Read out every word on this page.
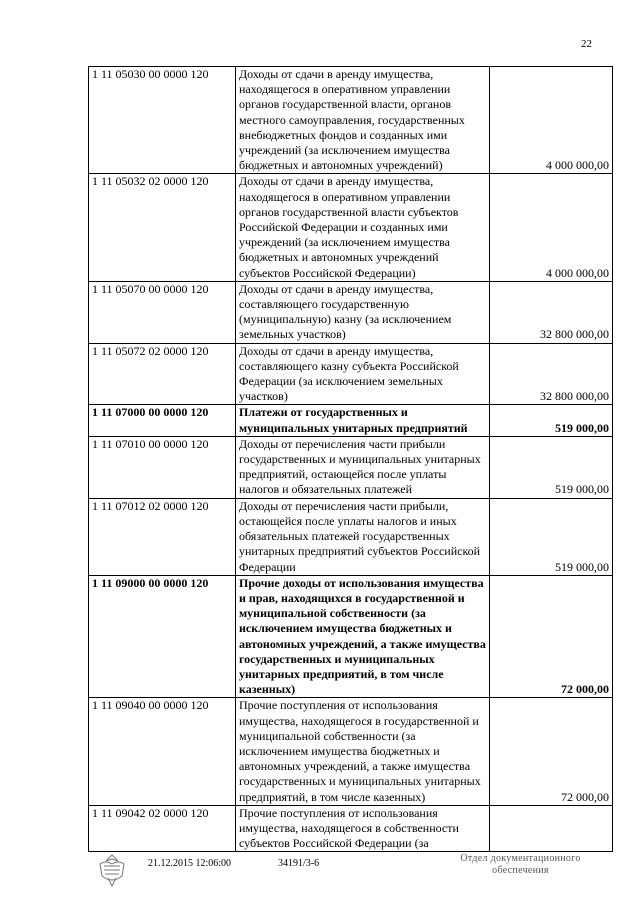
22
1 11 05030 00 0000 120	Доходы от сдачи в аренду имущества, находящегося в оперативном управлении органов государственной власти, органов местного самоуправления, государственных внебюджетных фондов и созданных ими учреждений (за исключением имущества бюджетных и автономных учреждений)	4 000 000,00
1 11 05032 02 0000 120	Доходы от сдачи в аренду имущества, находящегося в оперативном управлении органов государственной власти субъектов Российской Федерации и созданных ими учреждений (за исключением имущества бюджетных и автономных учреждений субъектов Российской Федерации)	4 000 000,00
1 11 05070 00 0000 120	Доходы от сдачи в аренду имущества, составляющего государственную (муниципальную) казну (за исключением земельных участков)	32 800 000,00
1 11 05072 02 0000 120	Доходы от сдачи в аренду имущества, составляющего казну субъекта Российской Федерации (за исключением земельных участков)	32 800 000,00
1 11 07000 00 0000 120	Платежи от государственных и муниципальных унитарных предприятий	519 000,00
1 11 07010 00 0000 120	Доходы от перечисления части прибыли государственных и муниципальных унитарных предприятий, остающейся после уплаты налогов и обязательных платежей	519 000,00
1 11 07012 02 0000 120	Доходы от перечисления части прибыли, остающейся после уплаты налогов и иных обязательных платежей государственных унитарных предприятий субъектов Российской Федерации	519 000,00
1 11 09000 00 0000 120	Прочие доходы от использования имущества и прав, находящихся в государственной и муниципальной собственности (за исключением имущества бюджетных и автономных учреждений, а также имущества государственных и муниципальных унитарных предприятий, в том числе казенных)	72 000,00
1 11 09040 00 0000 120	Прочие поступления от использования имущества, находящегося в государственной и муниципальной собственности (за исключением имущества бюджетных и автономных учреждений, а также имущества государственных и муниципальных унитарных предприятий, в том числе казенных)	72 000,00
1 11 09042 02 0000 120	Прочие поступления от использования имущества, находящегося в собственности субъектов Российской Федерации (за	
21.12.2015 12:06:00	34191/3-6	Отдел документационного обеспечения
